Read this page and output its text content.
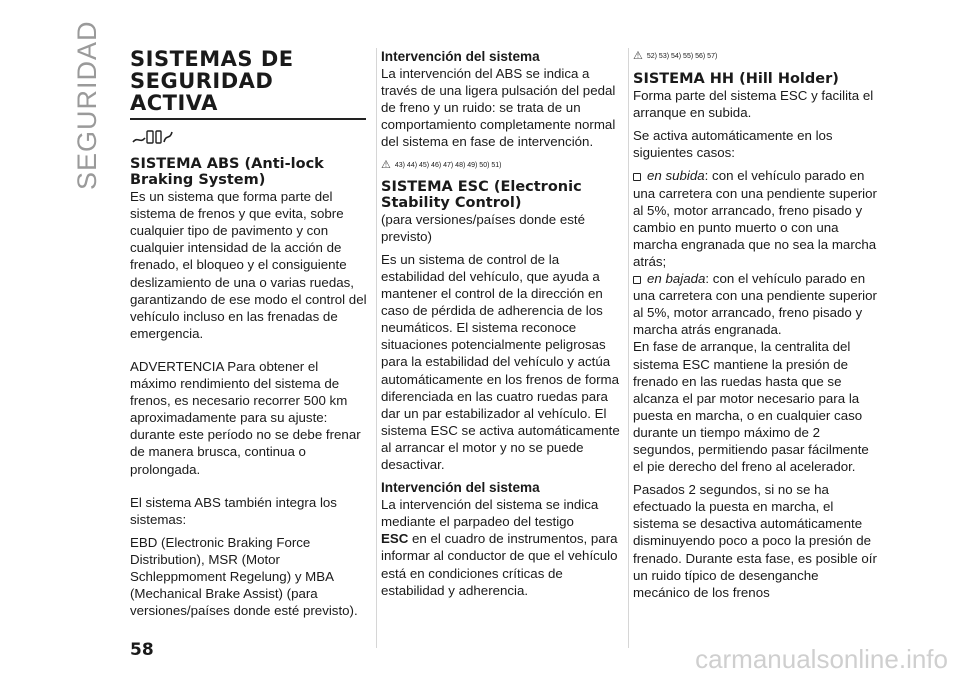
SEGURIDAD SISTEMAS DE SEGURIDAD ACTIVA
SISTEMA ABS (Anti-lock Braking System)

Es un sistema que forma parte del sistema de frenos y que evita, sobre cualquier tipo de pavimento y con cualquier intensidad de la acción de frenado, el bloqueo y el consiguiente deslizamiento de una o varias ruedas, garantizando de ese modo el control del vehículo incluso en las frenadas de emergencia.

ADVERTENCIA Para obtener el máximo rendimiento del sistema de frenos, es necesario recorrer 500 km aproximadamente para su ajuste: durante este período no se debe frenar de manera brusca, continua o prolongada.

El sistema ABS también integra los sistemas:

EBD (Electronic Braking Force Distribution), MSR (Motor Schleppmoment Regelung) y MBA (Mechanical Brake Assist) (para versiones/países donde esté previsto).

Intervención del sistema

La intervención del ABS se indica a través de una ligera pulsación del pedal de freno y un ruido: se trata de un comportamiento completamente normal del sistema en fase de intervención.

⚠ 43) 44) 45) 46) 47) 48) 49) 50) 51)
SISTEMA ESC (Electronic Stability Control)

(para versiones/países donde esté previsto)

Es un sistema de control de la estabilidad del vehículo, que ayuda a mantener el control de la dirección en caso de pérdida de adherencia de los neumáticos. El sistema reconoce situaciones potencialmente peligrosas para la estabilidad del vehículo y actúa automáticamente en los frenos de forma diferenciada en las cuatro ruedas para dar un par estabilizador al vehículo. El sistema ESC se activa automáticamente al arrancar el motor y no se puede desactivar.

Intervención del sistema

La intervención del sistema se indica mediante el parpadeo del testigo
ESC en el cuadro de instrumentos, para informar al conductor de que el vehículo está en condiciones críticas de estabilidad y adherencia.

⚠ 52) 53) 54) 55) 56) 57)
SISTEMA HH (Hill Holder)

Forma parte del sistema ESC y facilita el arranque en subida.

Se activa automáticamente en los siguientes casos:

en subida: con el vehículo parado en una carretera con una pendiente superior al 5%, motor arrancado, freno pisado y cambio en punto muerto o con una marcha engranada que no sea la marcha atrás;

en bajada: con el vehículo parado en una carretera con una pendiente superior al 5%, motor arrancado, freno pisado y marcha atrás engranada.

En fase de arranque, la centralita del sistema ESC mantiene la presión de frenado en las ruedas hasta que se alcanza el par motor necesario para la puesta en marcha, o en cualquier caso durante un tiempo máximo de 2 segundos, permitiendo pasar fácilmente el pie derecho del freno al acelerador.

Pasados 2 segundos, si no se ha efectuado la puesta en marcha, el sistema se desactiva automáticamente disminuyendo poco a poco la presión de frenado. Durante esta fase, es posible oír un ruido típico de desenganche mecánico de los frenos

58	carmanualsonline.info
